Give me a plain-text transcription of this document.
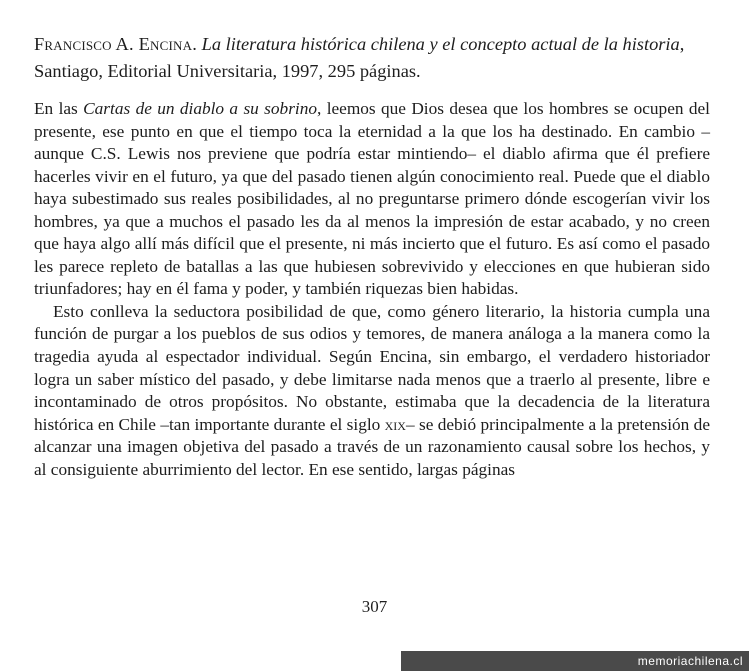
Francisco A. Encina. La literatura histórica chilena y el concepto actual de la historia, Santiago, Editorial Universitaria, 1997, 295 páginas.

En las Cartas de un diablo a su sobrino, leemos que Dios desea que los hombres se ocupen del presente, ese punto en que el tiempo toca la eternidad a la que los ha destinado. En cambio –aunque C.S. Lewis nos previene que podría estar mintiendo– el diablo afirma que él prefiere hacerles vivir en el futuro, ya que del pasado tienen algún conocimiento real. Puede que el diablo haya subestimado sus reales posibilidades, al no preguntarse primero dónde escogerían vivir los hombres, ya que a muchos el pasado les da al menos la impresión de estar acabado, y no creen que haya algo allí más difícil que el presente, ni más incierto que el futuro. Es así como el pasado les parece repleto de batallas a las que hubiesen sobrevivido y elecciones en que hubieran sido triunfadores; hay en él fama y poder, y también riquezas bien habidas.

Esto conlleva la seductora posibilidad de que, como género literario, la historia cumpla una función de purgar a los pueblos de sus odios y temores, de manera análoga a la manera como la tragedia ayuda al espectador individual. Según Encina, sin embargo, el verdadero historiador logra un saber místico del pasado, y debe limitarse nada menos que a traerlo al presente, libre e incontaminado de otros propósitos. No obstante, estimaba que la decadencia de la literatura histórica en Chile –tan importante durante el siglo xix– se debió principalmente a la pretensión de alcanzar una imagen objetiva del pasado a través de un razonamiento causal sobre los hechos, y al consiguiente aburrimiento del lector. En ese sentido, largas páginas

307
memoriachilena.cl
